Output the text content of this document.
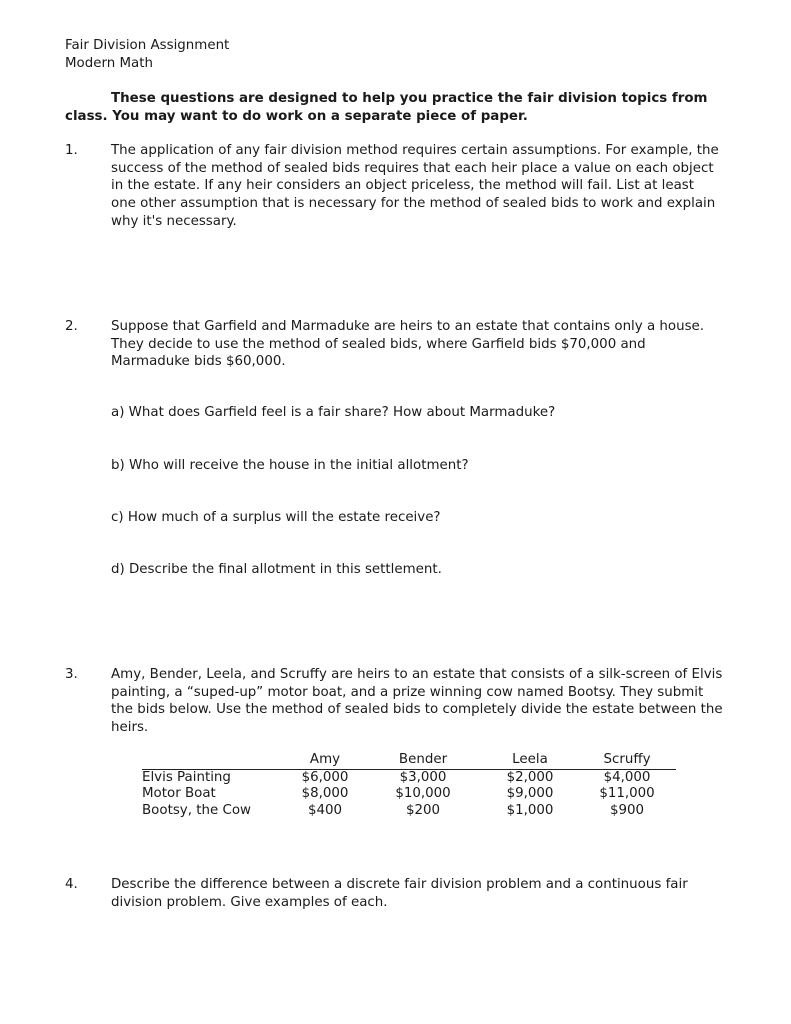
Fair Division Assignment
Modern Math
These questions are designed to help you practice the fair division topics from class. You may want to do work on a separate piece of paper.
1. The application of any fair division method requires certain assumptions. For example, the success of the method of sealed bids requires that each heir place a value on each object in the estate. If any heir considers an object priceless, the method will fail. List at least one other assumption that is necessary for the method of sealed bids to work and explain why it's necessary.
2. Suppose that Garfield and Marmaduke are heirs to an estate that contains only a house. They decide to use the method of sealed bids, where Garfield bids $70,000 and Marmaduke bids $60,000.
a) What does Garfield feel is a fair share? How about Marmaduke?
b) Who will receive the house in the initial allotment?
c) How much of a surplus will the estate receive?
d) Describe the final allotment in this settlement.
3. Amy, Bender, Leela, and Scruffy are heirs to an estate that consists of a silk-screen of Elvis painting, a “suped-up” motor boat, and a prize winning cow named Bootsy. They submit the bids below. Use the method of sealed bids to completely divide the estate between the heirs.
	Amy	Bender	Leela	Scruffy
Elvis Painting	$6,000	$3,000	$2,000	$4,000
Motor Boat	$8,000	$10,000	$9,000	$11,000
Bootsy, the Cow	$400	$200	$1,000	$900
4. Describe the difference between a discrete fair division problem and a continuous fair division problem. Give examples of each.
